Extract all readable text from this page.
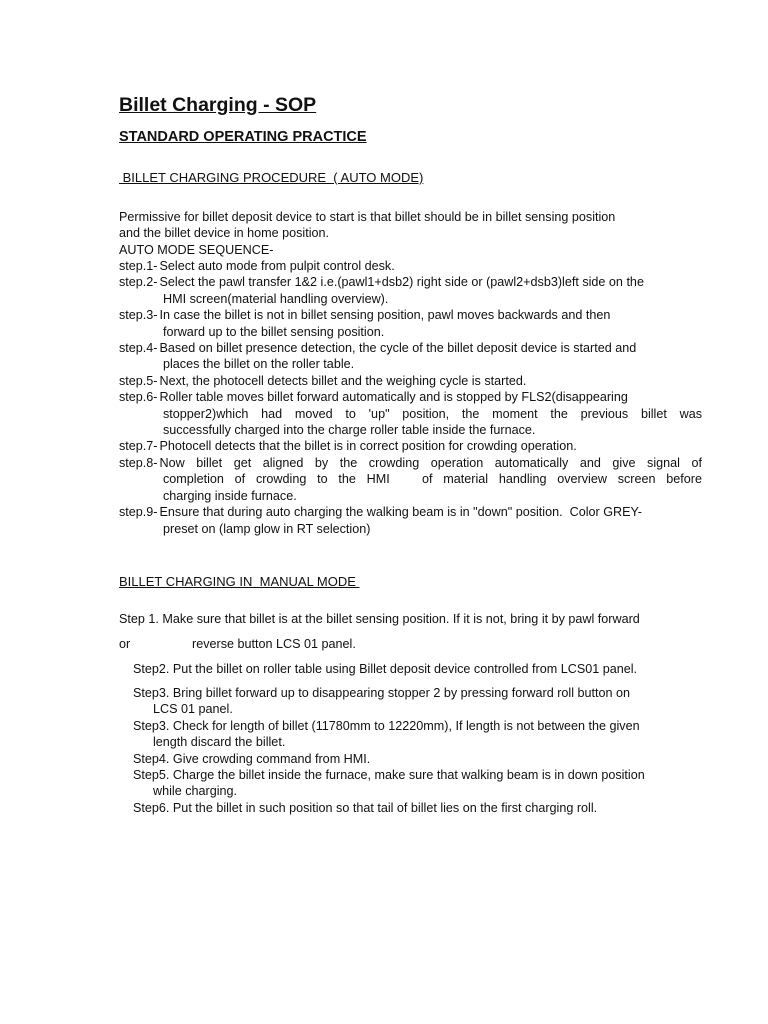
Billet Charging - SOP
STANDARD OPERATING PRACTICE
BILLET CHARGING PROCEDURE  ( AUTO MODE)

Permissive for billet deposit device to start is that billet should be in billet sensing position

and the billet device in home position.

AUTO MODE SEQUENCE-

step.1- Select auto mode from pulpit control desk.
step.2- Select the pawl transfer 1&2 i.e.(pawl1+dsb2) right side or (pawl2+dsb3)left side on the
HMI screen(material handling overview).
step.3- In case the billet is not in billet sensing position, pawl moves backwards and then
forward up to the billet sensing position.
step.4- Based on billet presence detection, the cycle of the billet deposit device is started and
places the billet on the roller table.
step.5- Next, the photocell detects billet and the weighing cycle is started.
step.6- Roller table moves billet forward automatically and is stopped by FLS2(disappearing
stopper2)which had moved to 'up" position, the moment the previous billet was
successfully charged into the charge roller table inside the furnace.
step.7- Photocell detects that the billet is in correct position for crowding operation.
step.8- Now billet get aligned by the crowding operation automatically and give signal of
completion of crowding to the HMI   of material handling overview screen before
charging inside furnace.
step.9- Ensure that during auto charging the walking beam is in "down" position.  Color GREY-
preset on (lamp glow in RT selection)
BILLET CHARGING IN  MANUAL MODE
Step 1. Make sure that billet is at the billet sensing position. If it is not, bring it by pawl forward
or	reverse button LCS 01 panel.
Step2. Put the billet on roller table using Billet deposit device controlled from LCS01 panel.
Step3. Bring billet forward up to disappearing stopper 2 by pressing forward roll button on
LCS 01 panel.
Step3. Check for length of billet (11780mm to 12220mm), If length is not between the given
length discard the billet.
Step4. Give crowding command from HMI.
Step5. Charge the billet inside the furnace, make sure that walking beam is in down position
while charging.
Step6. Put the billet in such position so that tail of billet lies on the first charging roll.
